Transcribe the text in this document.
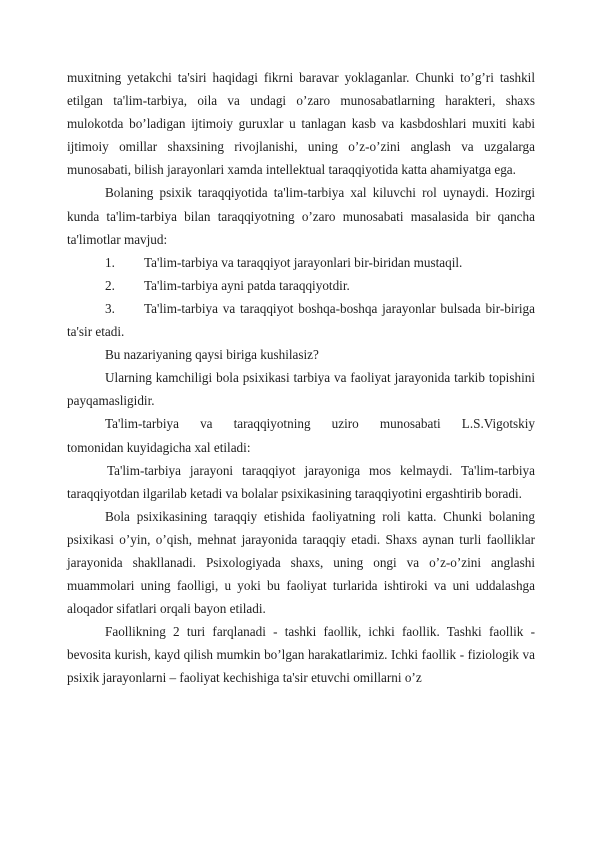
muxitning yetakchi ta'siri haqidagi fikrni baravar yoklaganlar. Chunki to’g’ri tashkil etilgan ta'lim-tarbiya, oila va undagi o’zaro munosabatlarning harakteri, shaxs mulokotda bo’ladigan ijtimoiy guruxlar u tanlagan kasb va kasbdoshlari muxiti kabi ijtimoiy omillar shaxsining rivojlanishi, uning o’z-o’zini anglash va uzgalarga munosabati, bilish jarayonlari xamda intellektual taraqqiyotida katta ahamiyatga ega.

Bolaning psixik taraqqiyotida ta'lim-tarbiya xal kiluvchi rol uynaydi. Hozirgi kunda ta'lim-tarbiya bilan taraqqiyotning o’zaro munosabati masalasida bir qancha ta'limotlar mavjud:

1. Ta'lim-tarbiya va taraqqiyot jarayonlari bir-biridan mustaqil.

2. Ta'lim-tarbiya ayni patda taraqqiyotdir.

3. Ta'lim-tarbiya va taraqqiyot boshqa-boshqa jarayonlar bulsada bir-biriga ta'sir etadi.

Bu nazariyaning qaysi biriga kushilasiz?

Ularning kamchiligi bola psixikasi tarbiya va faoliyat jarayonida tarkib topishini payqamasligidir.

Ta'lim-tarbiya va taraqqiyotning uziro munosabati L.S.Vigotskiy

tomonidan kuyidagicha xal etiladi:

Ta'lim-tarbiya jarayoni taraqqiyot jarayoniga mos kelmaydi. Ta'lim-tarbiya taraqqiyotdan ilgarilab ketadi va bolalar psixikasining taraqqiyotini ergashtirib boradi.

Bola psixikasining taraqqiy etishida faoliyatning roli katta. Chunki bolaning psixikasi o’yin, o’qish, mehnat jarayonida taraqqiy etadi. Shaxs aynan turli faolliklar jarayonida shakllanadi. Psixologiyada shaxs, uning ongi va o’z-o’zini anglashi muammolari uning faolligi, u yoki bu faoliyat turlarida ishtiroki va uni uddalashga aloqador sifatlari orqali bayon etiladi.

Faollikning 2 turi farqlanadi - tashki faollik, ichki faollik. Tashki faollik - bevosita kurish, kayd qilish mumkin bo’lgan harakatlarimiz. Ichki faollik - fiziologik va psixik jarayonlarni – faoliyat kechishiga ta'sir etuvchi omillarni o’z
